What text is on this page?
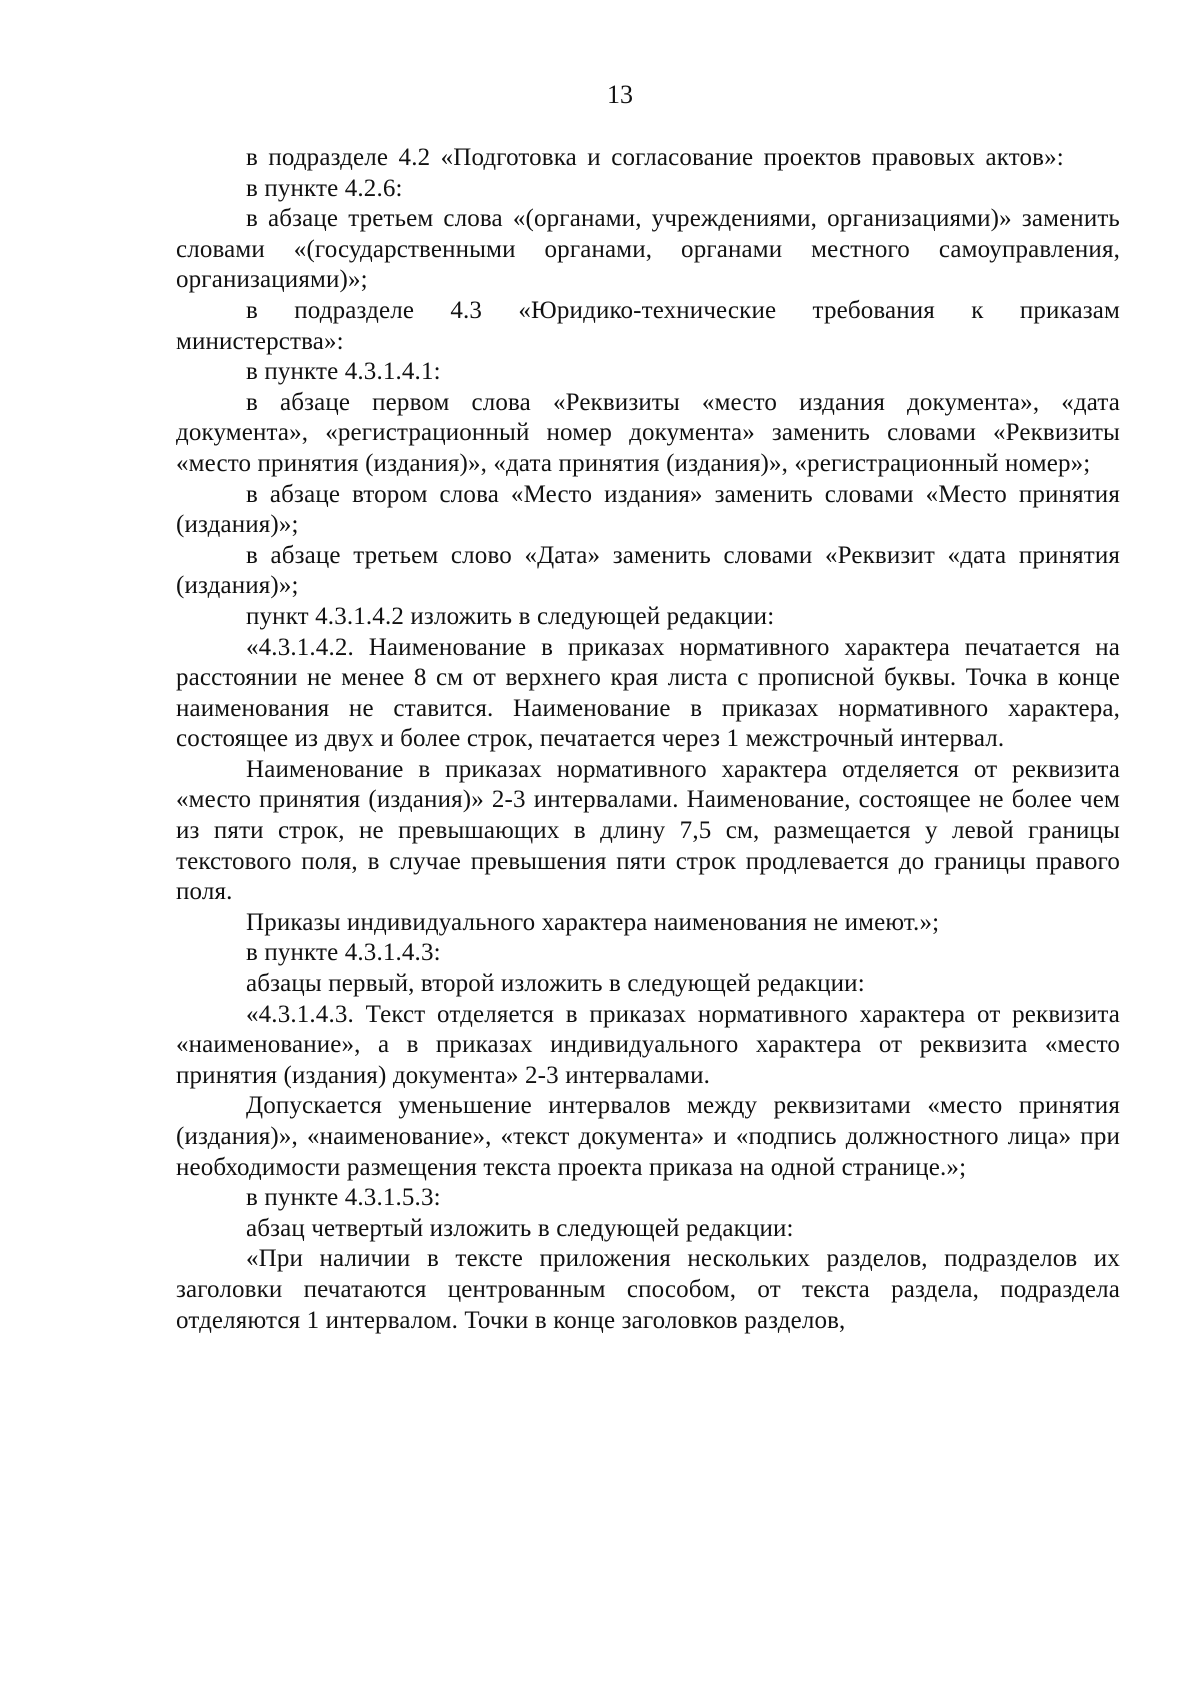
13

в подразделе 4.2 «Подготовка и согласование проектов правовых актов»:

в пункте 4.2.6:

в абзаце третьем слова «(органами, учреждениями, организациями)» заменить словами «(государственными органами, органами местного самоуправления, организациями)»;

в подразделе 4.3 «Юридико-технические требования к приказам министерства»:

в пункте 4.3.1.4.1:

в абзаце первом слова «Реквизиты «место издания документа», «дата документа», «регистрационный номер документа» заменить словами «Реквизиты «место принятия (издания)», «дата принятия (издания)», «регистрационный номер»;

в абзаце втором слова «Место издания» заменить словами «Место принятия (издания)»;

в абзаце третьем слово «Дата» заменить словами «Реквизит «дата принятия (издания)»;

пункт 4.3.1.4.2 изложить в следующей редакции:

«4.3.1.4.2. Наименование в приказах нормативного характера печатается на расстоянии не менее 8 см от верхнего края листа с прописной буквы. Точка в конце наименования не ставится. Наименование в приказах нормативного характера, состоящее из двух и более строк, печатается через 1 межстрочный интервал.

Наименование в приказах нормативного характера отделяется от реквизита «место принятия (издания)» 2-3 интервалами. Наименование, состоящее не более чем из пяти строк, не превышающих в длину 7,5 см, размещается у левой границы текстового поля, в случае превышения пяти строк продлевается до границы правого поля.

Приказы индивидуального характера наименования не имеют.»;

в пункте 4.3.1.4.3:

абзацы первый, второй изложить в следующей редакции:

«4.3.1.4.3. Текст отделяется в приказах нормативного характера от реквизита «наименование», а в приказах индивидуального характера от реквизита «место принятия (издания) документа» 2-3 интервалами.

Допускается уменьшение интервалов между реквизитами «место принятия (издания)», «наименование», «текст документа» и «подпись должностного лица» при необходимости размещения текста проекта приказа на одной странице.»;

в пункте 4.3.1.5.3:

абзац четвертый изложить в следующей редакции:

«При наличии в тексте приложения нескольких разделов, подразделов их заголовки печатаются центрованным способом, от текста раздела, подраздела отделяются 1 интервалом. Точки в конце заголовков разделов,
